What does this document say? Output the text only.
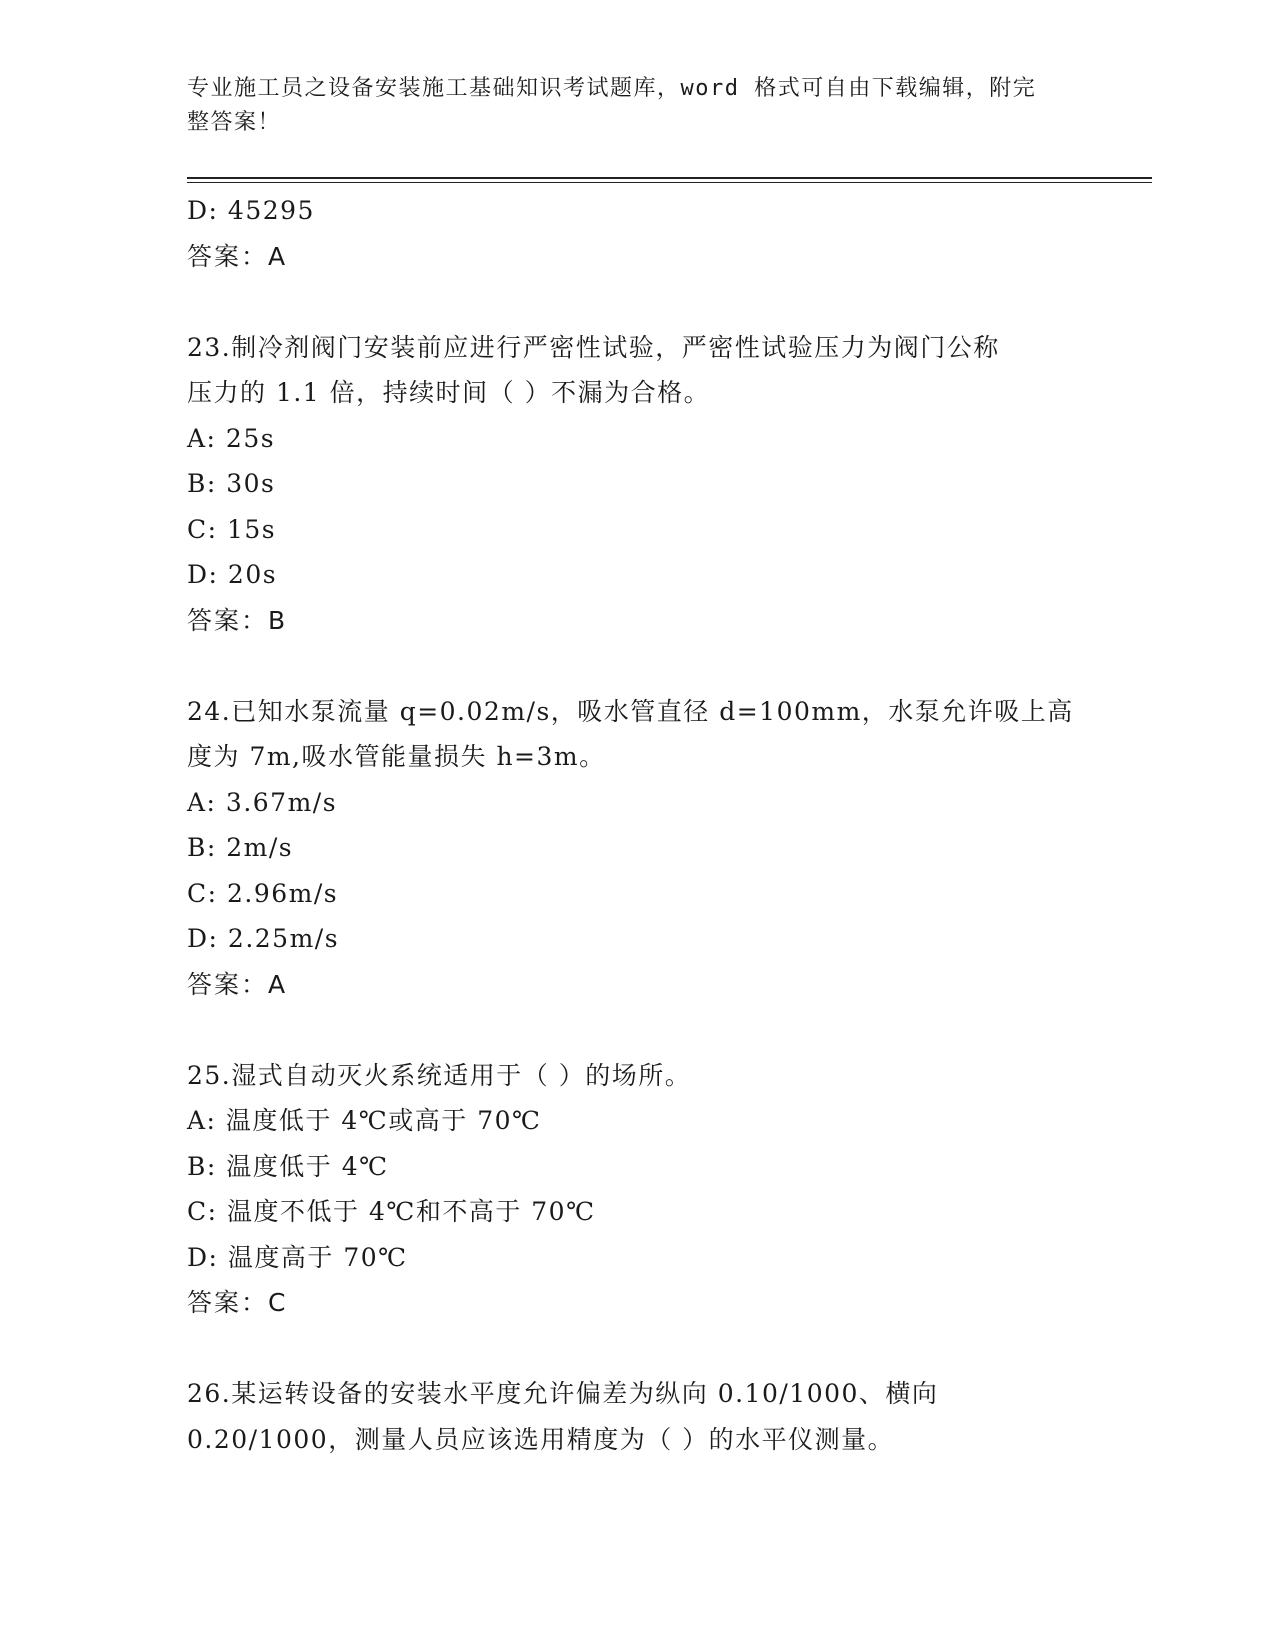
专业施工员之设备安装施工基础知识考试题库，word 格式可自由下载编辑，附完
整答案！
D: 45295
答案：A
23.制冷剂阀门安装前应进行严密性试验，严密性试验压力为阀门公称
压力的 1.1 倍，持续时间（ ）不漏为合格。
A: 25s
B: 30s
C: 15s
D: 20s
答案：B
24.已知水泵流量 q=0.02m/s，吸水管直径 d=100mm，水泵允许吸上高
度为 7m,吸水管能量损失 h=3m。
A: 3.67m/s
B: 2m/s
C: 2.96m/s
D: 2.25m/s
答案：A
25.湿式自动灭火系统适用于（ ）的场所。
A: 温度低于 4℃或高于 70℃
B: 温度低于 4℃
C: 温度不低于 4℃和不高于 70℃
D: 温度高于 70℃
答案：C
26.某运转设备的安装水平度允许偏差为纵向 0.10/1000、横向
0.20/1000，测量人员应该选用精度为（ ）的水平仪测量。
